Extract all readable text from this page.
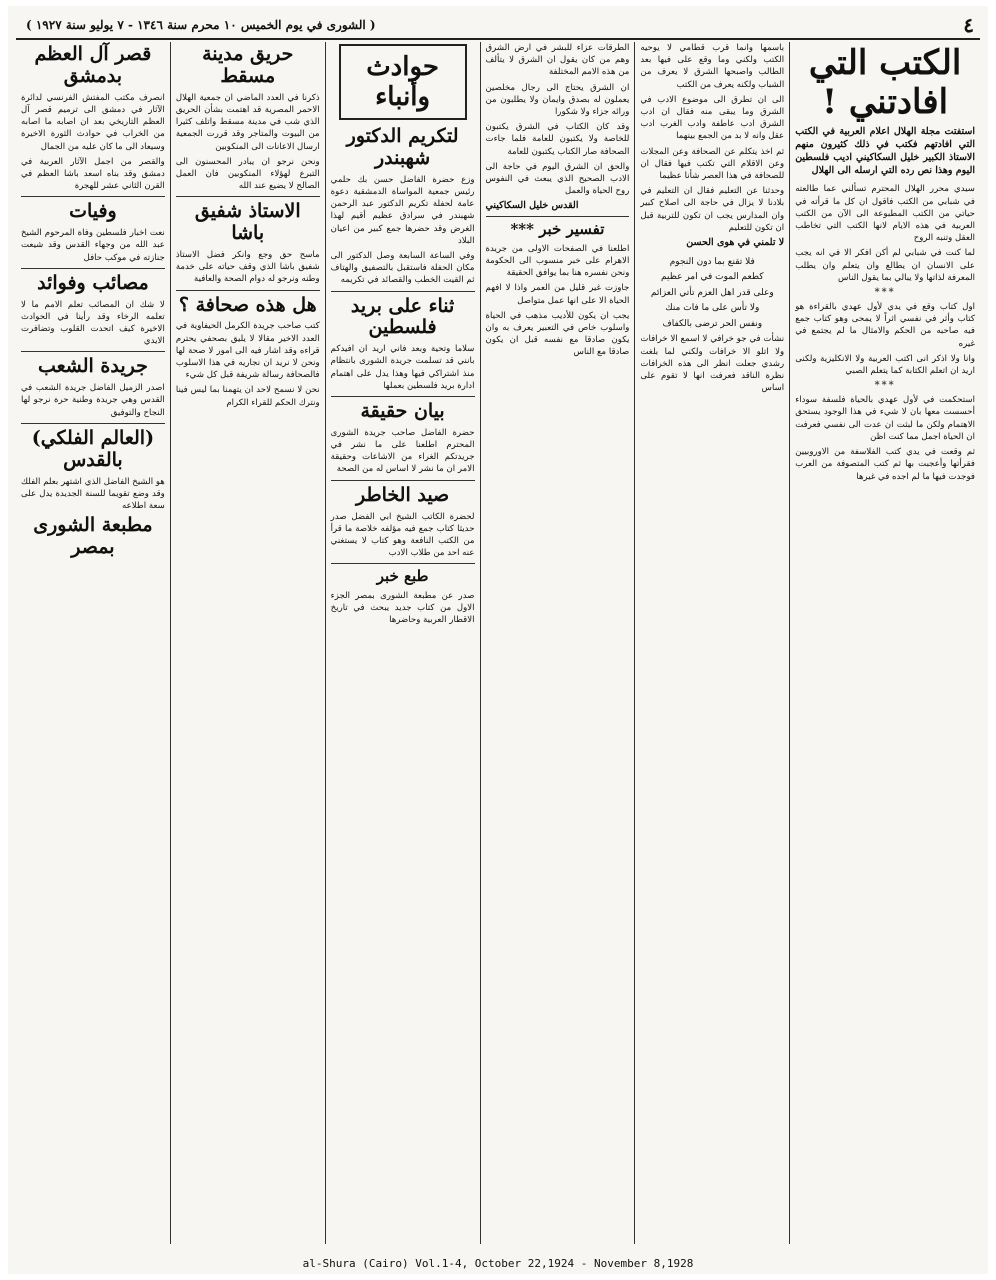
٤
( الشورى في يوم الخميس ١٠ محرم سنة ١٣٤٦ - ٧ يوليو سنة ١٩٢٧ )
الكتب التي افادتني !
استفتت مجلة الهلال اعلام العربية في الكتب التي افادتهم فكتب في ذلك كثيرون منهم الاستاذ الكبير خليل السكاكيني اديب فلسطين اليوم وهذا نص رده التي ارسله الى الهلال

سيدي محرر الهلال المحترم تسألني عما طالعته في شبابي من الكتب فاقول ان كل ما قرأته في حياتي من الكتب المطبوعة الى الآن من الكتب العربية في هذه الايام لانها الكتب التي تخاطب العقل وتنبه الروح

لما كنت في شبابي لم أكن افكر الا في انه يجب على الانسان ان يطالع وان يتعلم وان يطلب المعرفة لذاتها ولا يبالي بما يقول الناس

***

اول كتاب وقع في يدي لأول عهدي بالقراءة هو كتاب وأثر في نفسي اثراً لا يمحى وهو كتاب جمع فيه صاحبه من الحكم والامثال ما لم يجتمع في غيره

وانا ولا اذكر انى اكتب العربية ولا الانكليزية ولكنى اريد ان اتعلم الكتابة كما يتعلم الصبي

***

استحكمت في لأول عهدي بالحياة فلسفة سوداء أحسست معها بان لا شيء في هذا الوجود يستحق الاهتمام ولكن ما لبثت ان عدت الى نفسي فعرفت ان الحياة اجمل مما كنت اظن

ثم وقعت في يدي كتب الفلاسفة من الاوروبيين فقرأتها وأعجبت بها ثم كتب المتصوفة من العرب فوجدت فيها ما لم اجده في غيرها

باسمها وانما قرب قطامي لا يوحيه الكتب ولكني وما وقع على فيها بعد الطالب واصبحها الشرق لا يعرف من الشباب ولكنه يعرف من الكتب

الى ان تطرق الى موضوع الادب في الشرق وما يبقى منه فقال ان ادب الشرق ادب عاطفة وادب الغرب ادب عقل وانه لا بد من الجمع بينهما

ثم اخذ يتكلم عن الصحافة وعن المجلات وعن الاقلام التي تكتب فيها فقال ان للصحافة في هذا العصر شأنا عظيما

وحدثنا عن التعليم فقال ان التعليم في بلادنا لا يزال في حاجة الى اصلاح كبير وان المدارس يجب ان تكون للتربية قبل ان تكون للتعليم

لا تلمني في هوى الحسن
فلا تقنع بما دون النجوم
كطعم الموت في امر عظيم
وعلى قدر اهل العزم تأتي العزائم
ولا تأس على ما فات منك
ونفس الحر ترضى بالكفاف

نشأت في جو خرافي لا اسمع الا خرافات ولا اتلو الا خرافات ولكني لما بلغت رشدي جعلت انظر الى هذه الخرافات نظرة الناقد فعرفت انها لا تقوم على اساس

الطرقات عزاء للبشر في ارض الشرق وهم من كان يقول ان الشرق لا يتألف من هذه الامم المختلفة

ان الشرق يحتاج الى رجال مخلصين يعملون له بصدق وايمان ولا يطلبون من ورائه جزاء ولا شكورا

وقد كان الكتاب في الشرق يكتبون للخاصة ولا يكتبون للعامة فلما جاءت الصحافة صار الكتاب يكتبون للعامة

والحق ان الشرق اليوم في حاجة الى الادب الصحيح الذي يبعث في النفوس روح الحياة والعمل

القدس خليل السكاكيني
تفسير خبر ***

اطلعنا في الصفحات الاولى من جريدة الاهرام على خبر منسوب الى الحكومة ونحن نفسره هنا بما يوافق الحقيقة

جاوزت غير قليل من العمر واذا لا افهم الحياة الا على انها عمل متواصل

يجب ان يكون للأديب مذهب في الحياة واسلوب خاص في التعبير يعرف به وان يكون صادقا مع نفسه قبل ان يكون صادقا مع الناس

حوادث وأنباء
لتكريم الدكتور شهبندر

وزع حضرة الفاضل حسن بك حلمي رئيس جمعية المواساة الدمشقية دعوة عامة لحفلة تكريم الدكتور عبد الرحمن شهبندر في سرادق عظيم أقيم لهذا الغرض وقد حضرها جمع كبير من اعيان البلاد

وفي الساعة السابعة وصل الدكتور الى مكان الحفلة فاستقبل بالتصفيق والهتاف ثم القيت الخطب والقصائد في تكريمه

ثناء على بريد فلسطين

سلاما وتحية وبعد فاني اريد ان افيدكم بانني قد تسلمت جريدة الشورى بانتظام منذ اشتراكي فيها وهذا يدل على اهتمام ادارة بريد فلسطين بعملها

بيان حقيقة

حضرة الفاضل صاحب جريدة الشورى المحترم اطلعنا على ما نشر في جريدتكم الغراء من الاشاعات وحقيقة الامر ان ما نشر لا اساس له من الصحة

صيد الخاطر

لحضرة الكاتب الشيخ ابي الفضل صدر حديثا كتاب جمع فيه مؤلفه خلاصة ما قرأ من الكتب النافعة وهو كتاب لا يستغني عنه احد من طلاب الادب

طبع خبر

صدر عن مطبعة الشورى بمصر الجزء الاول من كتاب جديد يبحث في تاريخ الاقطار العربية وحاضرها

حريق مدينة مسقط

ذكرنا في العدد الماضي ان جمعية الهلال الاحمر المصرية قد اهتمت بشأن الحريق الذي شب في مدينة مسقط واتلف كثيرا من البيوت والمتاجر وقد قررت الجمعية ارسال الاعانات الى المنكوبين

ونحن نرجو ان يبادر المحسنون الى التبرع لهؤلاء المنكوبين فان العمل الصالح لا يضيع عند الله

الاستاذ شفيق باشا

ماسح حق وجع وانكر فضل الاستاذ شفيق باشا الذي وقف حياته على خدمة وطنه ونرجو له دوام الصحة والعافية

هل هذه صحافة ؟

كتب صاحب جريدة الكرمل الحيفاوية في العدد الاخير مقالا لا يليق بصحفي يحترم قراءه وقد اشار فيه الى امور لا صحة لها ونحن لا نريد ان نجاريه في هذا الاسلوب فالصحافة رسالة شريفة قبل كل شيء

نحن لا نسمح لاحد ان يتهمنا بما ليس فينا ونترك الحكم للقراء الكرام

قصر آل العظم بدمشق

انصرف مكتب المفتش الفرنسي لدائرة الآثار في دمشق الى ترميم قصر آل العظم التاريخي بعد ان اصابه ما اصابه من الخراب في حوادث الثورة الاخيرة وسيعاد الى ما كان عليه من الجمال

والقصر من اجمل الآثار العربية في دمشق وقد بناه اسعد باشا العظم في القرن الثاني عشر للهجرة

وفيات

نعت اخبار فلسطين وفاة المرحوم الشيخ عبد الله من وجهاء القدس وقد شيعت جنازته في موكب حافل

مصائب وفوائد

لا شك ان المصائب تعلم الامم ما لا تعلمه الرخاء وقد رأينا في الحوادث الاخيرة كيف اتحدت القلوب وتضافرت الايدي

جريدة الشعب

اصدر الزميل الفاضل جريدة الشعب في القدس وهي جريدة وطنية حرة نرجو لها النجاح والتوفيق

(العالم الفلكي) بالقدس

هو الشيخ الفاضل الذي اشتهر بعلم الفلك وقد وضع تقويما للسنة الجديدة يدل على سعة اطلاعه

مطبعة الشورى بمصر
al-Shura (Cairo) Vol.1-4, October 22,1924 - November 8,1928
